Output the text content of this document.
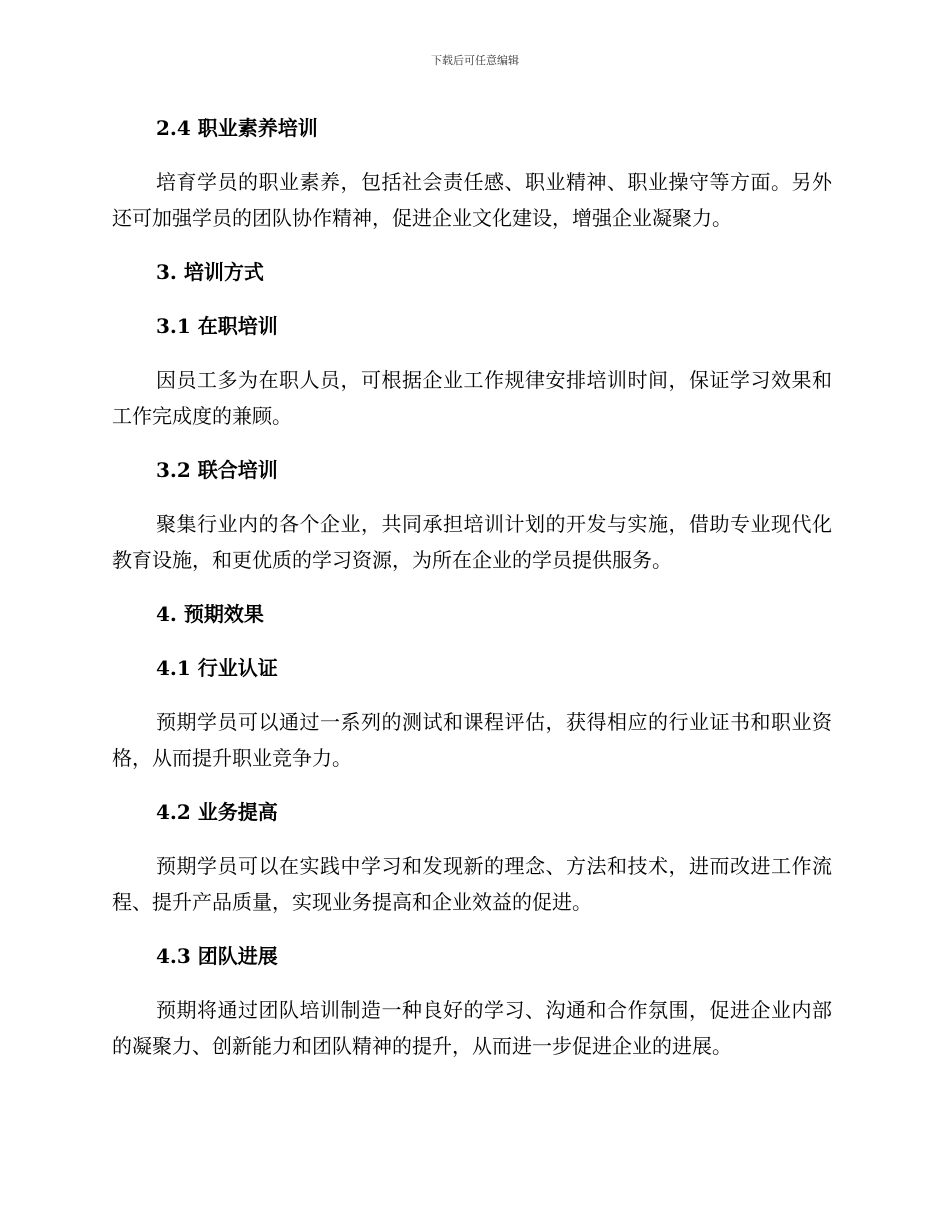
下载后可任意编辑
2.4 职业素养培训
培育学员的职业素养，包括社会责任感、职业精神、职业操守等方面。另外还可加强学员的团队协作精神，促进企业文化建设，增强企业凝聚力。
3. 培训方式
3.1 在职培训
因员工多为在职人员，可根据企业工作规律安排培训时间，保证学习效果和工作完成度的兼顾。
3.2 联合培训
聚集行业内的各个企业，共同承担培训计划的开发与实施，借助专业现代化教育设施，和更优质的学习资源，为所在企业的学员提供服务。
4. 预期效果
4.1 行业认证
预期学员可以通过一系列的测试和课程评估，获得相应的行业证书和职业资格，从而提升职业竞争力。
4.2 业务提高
预期学员可以在实践中学习和发现新的理念、方法和技术，进而改进工作流程、提升产品质量，实现业务提高和企业效益的促进。
4.3 团队进展
预期将通过团队培训制造一种良好的学习、沟通和合作氛围，促进企业内部的凝聚力、创新能力和团队精神的提升，从而进一步促进企业的进展。
